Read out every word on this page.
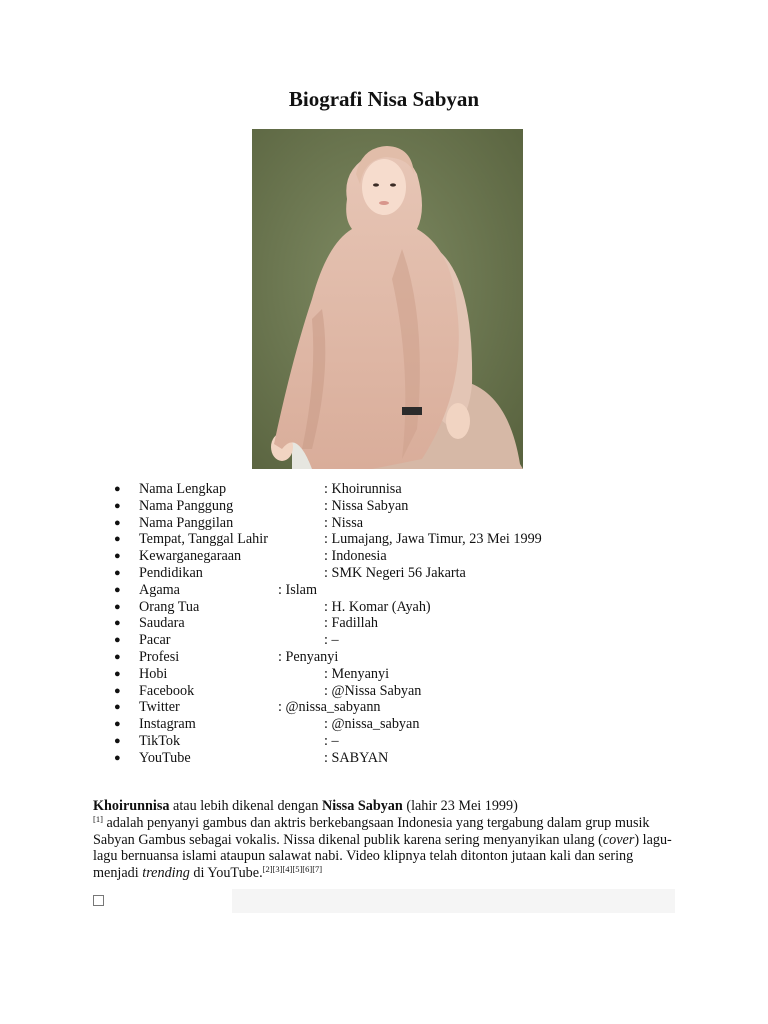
Biografi Nisa Sabyan
● Nama Lengkap	: Khoirunnisa
● Nama Panggung	: Nissa Sabyan
● Nama Panggilan	: Nissa
● Tempat, Tanggal Lahir	: Lumajang, Jawa Timur, 23 Mei 1999
● Kewarganegaraan	: Indonesia
● Pendidikan	: SMK Negeri 56 Jakarta
● Agama	: Islam
● Orang Tua	: H. Komar (Ayah)
● Saudara	: Fadillah
● Pacar	: –
● Profesi	: Penyanyi
● Hobi	: Menyanyi
● Facebook	: @Nissa Sabyan
● Twitter	: @nissa_sabyann
● Instagram	: @nissa_sabyan
● TikTok	: –
● YouTube	: SABYAN

Khoirunnisa atau lebih dikenal dengan Nissa Sabyan (lahir 23 Mei 1999)
[1] adalah penyanyi gambus dan aktris berkebangsaan Indonesia yang tergabung dalam grup musik Sabyan Gambus sebagai vokalis. Nissa dikenal publik karena sering menyanyikan ulang (cover) lagu-lagu bernuansa islami ataupun salawat nabi. Video klipnya telah ditonton jutaan kali dan sering menjadi trending di YouTube.[2][3][4][5][6][7]
